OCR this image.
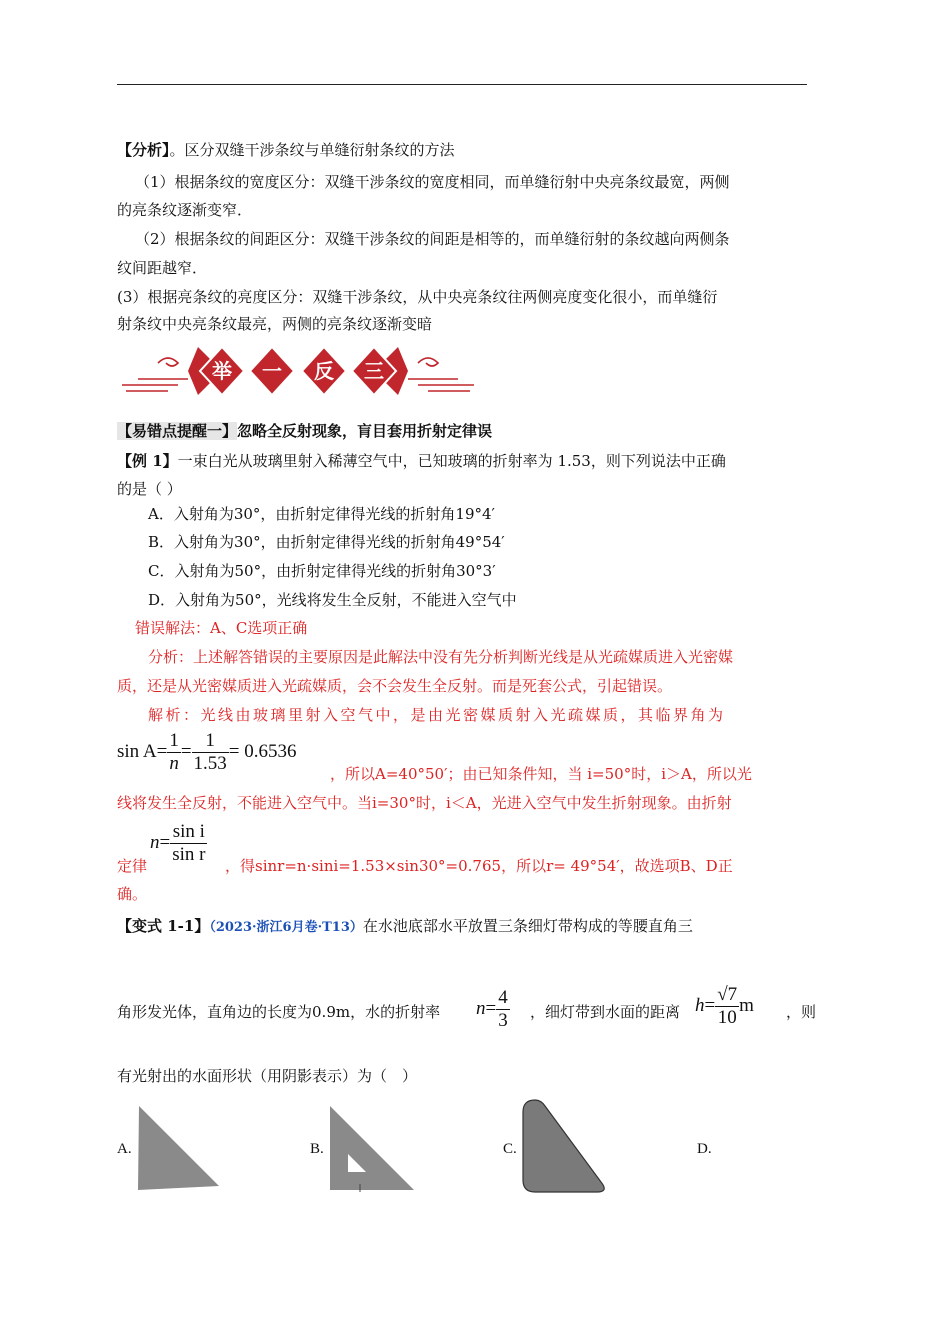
【分析】。区分双缝干涉条纹与单缝衍射条纹的方法
（1）根据条纹的宽度区分：双缝干涉条纹的宽度相同，而单缝衍射中央亮条纹最宽，两侧
的亮条纹逐渐变窄．
（2）根据条纹的间距区分：双缝干涉条纹的间距是相等的，而单缝衍射的条纹越向两侧条
纹间距越窄．
(3）根据亮条纹的亮度区分：双缝干涉条纹，从中央亮条纹往两侧亮度变化很小，而单缝衍
射条纹中央亮条纹最亮，两侧的亮条纹逐渐变暗
举 一 反 三
【易错点提醒一】忽略全反射现象，肓目套用折射定律误
【例 1】一束白光从玻璃里射入稀薄空气中，已知玻璃的折射率为 1.53，则下列说法中正确
的是（ ）
A．入射角为30°，由折射定律得光线的折射角19°4′
B．入射角为30°，由折射定律得光线的折射角49°54′
C．入射角为50°，由折射定律得光线的折射角30°3′
D．入射角为50°，光线将发生全反射，不能进入空气中
错误解法：A、C选项正确
分析：上述解答错误的主要原因是此解法中没有先分析判断光线是从光疏媒质进入光密媒
质，还是从光密媒质进入光疏媒质，会不会发生全反射。而是死套公式，引起错误。
解析：光线由玻璃里射入空气中，是由光密媒质射入光疏媒质，其临界角为
$\sin A= \frac{1}{n} = \frac{1}{1.53} = 0.6536$
，所以A=40°50′；由已知条件知，当 i=50°时，i＞A，所以光
线将发生全反射，不能进入空气中。当i=30°时，i＜A，光进入空气中发生折射现象。由折射
$n= \frac{\text{sin i}}{\text{sin r}}$
定律	，得sinr=n·sini=1.53×sin30°=0.765，所以r= 49°54′，故选项B、D正
确。
【变式 1-1】（2023·浙江6月卷·T13）在水池底部水平放置三条细灯带构成的等腰直角三
角形发光体，直角边的长度为0.9m，水的折射率 $n= \frac{4}{3}$ ，细灯带到水面的距离 $h= \frac{√7}{10}$ m ，则
有光射出的水面形状（用阴影表示）为（　）
A.	B.	C.	D.
